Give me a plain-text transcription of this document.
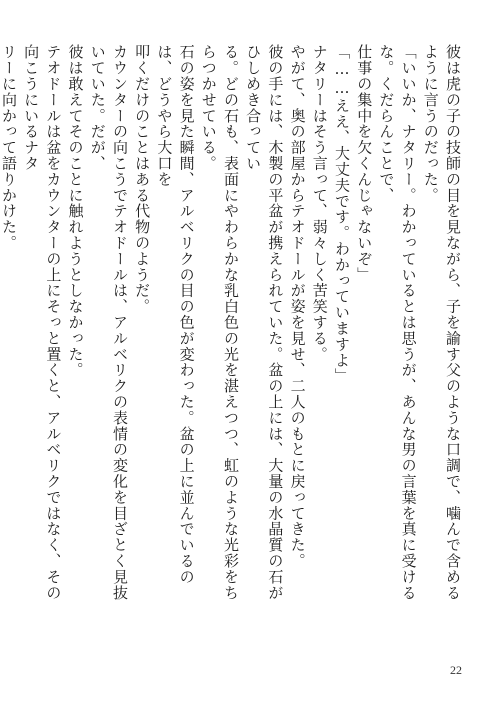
彼は虎の子の技師の目を見ながら、子を諭す父のような口調で、噛んで含めるように言うのだった。

「いいか、ナタリー。わかっているとは思うが、あんな男の言葉を真に受けるな。くだらんことで、

仕事の集中を欠くんじゃないぞ」

「……ええ、大丈夫です。わかっていますよ」

ナタリーはそう言って、弱々しく苦笑する。

やがて、奥の部屋からテオドールが姿を見せ、二人のもとに戻ってきた。

彼の手には、木製の平盆が携えられていた。盆の上には、大量の水晶質の石がひしめき合ってい

る。どの石も、表面にやわらかな乳白色の光を湛えつつ、虹のような光彩をちらつかせている。

石の姿を見た瞬間、アルベリクの目の色が変わった。盆の上に並んでいるのは、どうやら大口を

叩くだけのことはある代物のようだ。

カウンターの向こうでテオドールは、アルベリクの表情の変化を目ざとく見抜いていた。だが、

彼は敢えてそのことに触れようとしなかった。

テオドールは盆をカウンターの上にそっと置くと、アルベリクではなく、その向こうにいるナタ

リーに向かって語りかけた。

22
